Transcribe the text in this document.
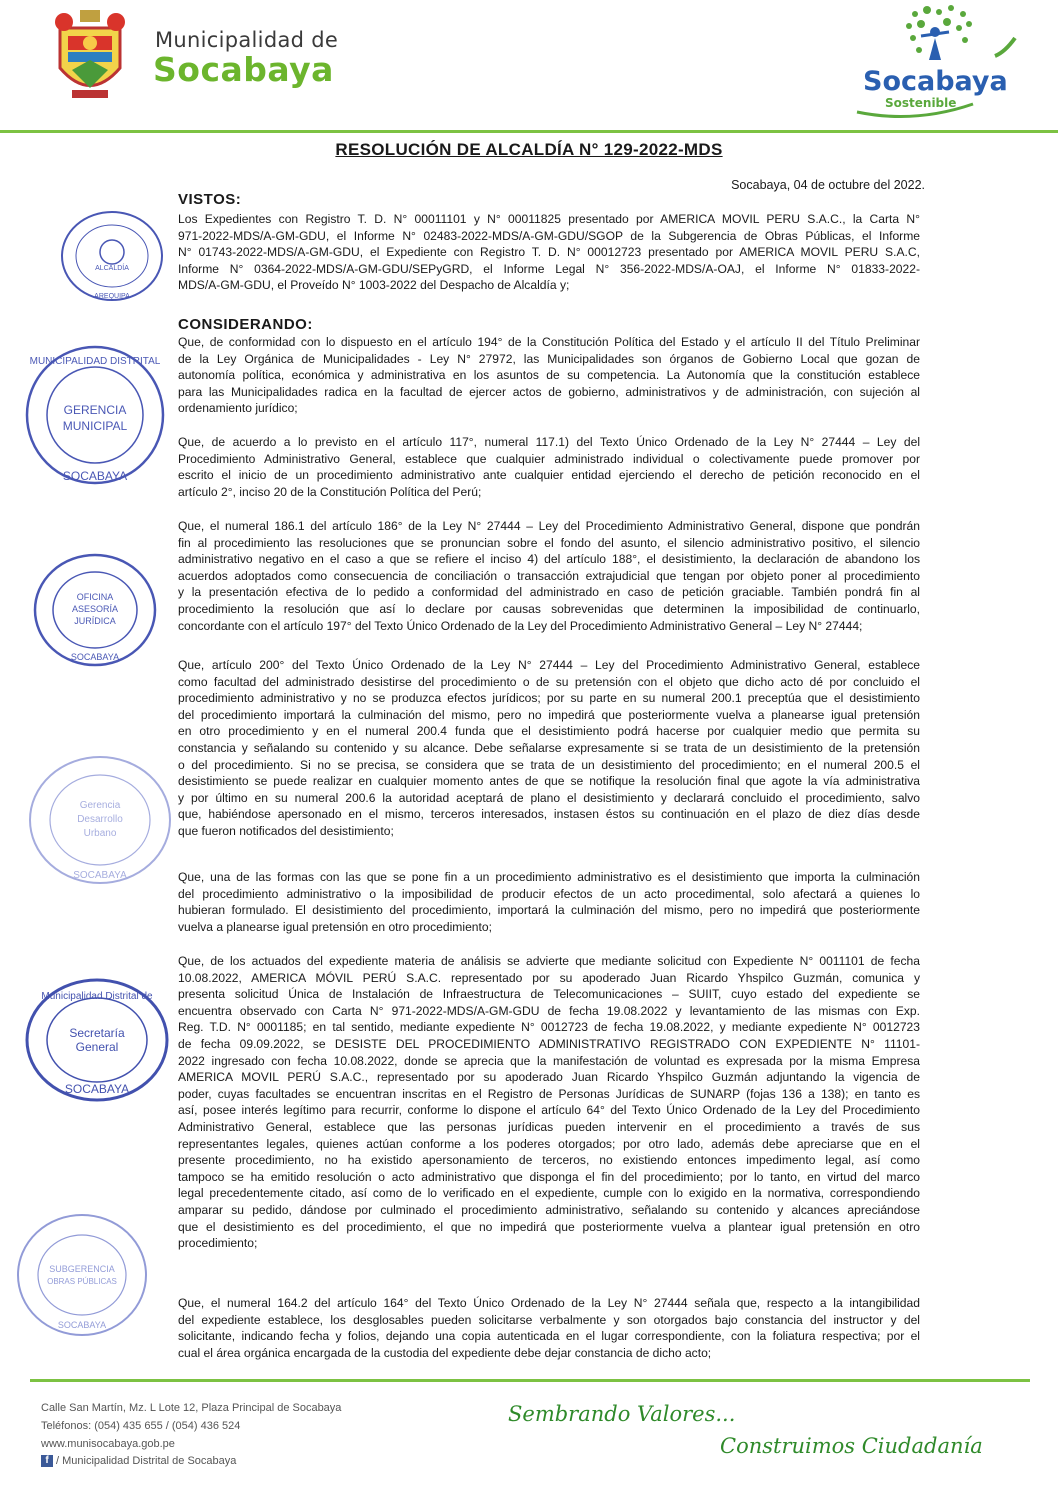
Municipalidad de
Socabaya	Socabaya
Sostenible
RESOLUCIÓN DE ALCALDÍA N° 129-2022-MDS
Socabaya, 04 de octubre del 2022.
VISTOS:
Los Expedientes con Registro T. D. N° 00011101 y N° 00011825 presentado por AMERICA MOVIL PERU S.A.C., la Carta N°
971-2022-MDS/A-GM-GDU, el Informe N° 02483-2022-MDS/A-GM-GDU/SGOP de la Subgerencia de Obras Públicas, el Informe
N° 01743-2022-MDS/A-GM-GDU, el Expediente con Registro T. D. N° 00012723 presentado por AMERICA MOVIL PERU S.A.C,
Informe N° 0364-2022-MDS/A-GM-GDU/SEPyGRD, el Informe Legal N° 356-2022-MDS/A-OAJ, el Informe N° 01833-2022-
MDS/A-GM-GDU, el Proveído N° 1003-2022 del Despacho de Alcaldía y;
CONSIDERANDO:
Que, de conformidad con lo dispuesto en el artículo 194° de la Constitución Política del Estado y el artículo II del Título Preliminar
de la Ley Orgánica de Municipalidades - Ley N° 27972, las Municipalidades son órganos de Gobierno Local que gozan de
autonomía política, económica y administrativa en los asuntos de su competencia. La Autonomía que la constitución establece
para las Municipalidades radica en la facultad de ejercer actos de gobierno, administrativos y de administración, con sujeción al
ordenamiento jurídico;
Que, de acuerdo a lo previsto en el artículo 117°, numeral 117.1) del Texto Único Ordenado de la Ley N° 27444 – Ley del
Procedimiento Administrativo General, establece que cualquier administrado individual o colectivamente puede promover por
escrito el inicio de un procedimiento administrativo ante cualquier entidad ejerciendo el derecho de petición reconocido en el
artículo 2°, inciso 20 de la Constitución Política del Perú;
Que, el numeral 186.1 del artículo 186° de la Ley N° 27444 – Ley del Procedimiento Administrativo General, dispone que pondrán
fin al procedimiento las resoluciones que se pronuncian sobre el fondo del asunto, el silencio administrativo positivo, el silencio
administrativo negativo en el caso a que se refiere el inciso 4) del artículo 188°, el desistimiento, la declaración de abandono los
acuerdos adoptados como consecuencia de conciliación o transacción extrajudicial que tengan por objeto poner al procedimiento
y la presentación efectiva de lo pedido a conformidad del administrado en caso de petición graciable. También pondrá fin al
procedimiento la resolución que así lo declare por causas sobrevenidas que determinen la imposibilidad de continuarlo,
concordante con el artículo 197° del Texto Único Ordenado de la Ley del Procedimiento Administrativo General – Ley N° 27444;
Que, artículo 200° del Texto Único Ordenado de la Ley N° 27444 – Ley del Procedimiento Administrativo General, establece
como facultad del administrado desistirse del procedimiento o de su pretensión con el objeto que dicho acto dé por concluido el
procedimiento administrativo y no se produzca efectos jurídicos; por su parte en su numeral 200.1 preceptúa que el desistimiento
del procedimiento importará la culminación del mismo, pero no impedirá que posteriormente vuelva a planearse igual pretensión
en otro procedimiento y en el numeral 200.4 funda que el desistimiento podrá hacerse por cualquier medio que permita su
constancia y señalando su contenido y su alcance. Debe señalarse expresamente si se trata de un desistimiento de la pretensión
o del procedimiento. Si no se precisa, se considera que se trata de un desistimiento del procedimiento; en el numeral 200.5 el
desistimiento se puede realizar en cualquier momento antes de que se notifique la resolución final que agote la vía administrativa
y por último en su numeral 200.6 la autoridad aceptará de plano el desistimiento y declarará concluido el procedimiento, salvo
que, habiéndose apersonado en el mismo, terceros interesados, instasen éstos su continuación en el plazo de diez días desde
que fueron notificados del desistimiento;
Que, una de las formas con las que se pone fin a un procedimiento administrativo es el desistimiento que importa la culminación
del procedimiento administrativo o la imposibilidad de producir efectos de un acto procedimental, solo afectará a quienes lo
hubieran formulado. El desistimiento del procedimiento, importará la culminación del mismo, pero no impedirá que posteriormente
vuelva a planearse igual pretensión en otro procedimiento;
Que, de los actuados del expediente materia de análisis se advierte que mediante solicitud con Expediente N° 0011101 de fecha
10.08.2022, AMERICA MÓVIL PERÚ S.A.C. representado por su apoderado Juan Ricardo Yhspilco Guzmán, comunica y
presenta solicitud Única de Instalación de Infraestructura de Telecomunicaciones – SUIIT, cuyo estado del expediente se
encuentra observado con Carta N° 971-2022-MDS/A-GM-GDU de fecha 19.08.2022 y levantamiento de las mismas con Exp.
Reg. T.D. N° 0001185; en tal sentido, mediante expediente N° 0012723 de fecha 19.08.2022, y mediante expediente N° 0012723
de fecha 09.09.2022, se DESISTE DEL PROCEDIMIENTO ADMINISTRATIVO REGISTRADO CON EXPEDIENTE N° 11101-
2022 ingresado con fecha 10.08.2022, donde se aprecia que la manifestación de voluntad es expresada por la misma Empresa
AMERICA MOVIL PERÚ S.A.C., representado por su apoderado Juan Ricardo Yhspilco Guzmán adjuntando la vigencia de
poder, cuyas facultades se encuentran inscritas en el Registro de Personas Jurídicas de SUNARP (fojas 136 a 138); en tanto es
así, posee interés legítimo para recurrir, conforme lo dispone el artículo 64° del Texto Único Ordenado de la Ley del Procedimiento
Administrativo General, establece que las personas jurídicas pueden intervenir en el procedimiento a través de sus
representantes legales, quienes actúan conforme a los poderes otorgados; por otro lado, además debe apreciarse que en el
presente procedimiento, no ha existido apersonamiento de terceros, no existiendo entonces impedimento legal, así como
tampoco se ha emitido resolución o acto administrativo que disponga el fin del procedimiento; por lo tanto, en virtud del marco
legal precedentemente citado, así como de lo verificado en el expediente, cumple con lo exigido en la normativa, correspondiendo
amparar su pedido, dándose por culminado el procedimiento administrativo, señalando su contenido y alcances apreciándose
que el desistimiento es del procedimiento, el que no impedirá que posteriormente vuelva a plantear igual pretensión en otro
procedimiento;
Que, el numeral 164.2 del artículo 164° del Texto Único Ordenado de la Ley N° 27444 señala que, respecto a la intangibilidad
del expediente establece, los desglosables pueden solicitarse verbalmente y son otorgados bajo constancia del instructor y del
solicitante, indicando fecha y folios, dejando una copia autenticada en el lugar correspondiente, con la foliatura respectiva; por el
cual el área orgánica encargada de la custodia del expediente debe dejar constancia de dicho acto;
ALCALDÍA
AREQUIPA
GERENCIA
MUNICIPAL
SOCABAYA
MUNICIPALIDAD DISTRITAL
OFICINA
ASESORÍA
JURÍDICA
SOCABAYA
Gerencia
Desarrollo
Urbano
SOCABAYA
Secretaría
General
SOCABAYA
Municipalidad Distrital de
SUBGERENCIA
OBRAS PÚBLICAS
SOCABAYA
Calle San Martín, Mz. L Lote 12, Plaza Principal de Socabaya
Teléfonos: (054) 435 655 / (054) 436 524
www.munisocabaya.gob.pe
f / Municipalidad Distrital de Socabaya
Sembrando Valores...
Construimos Ciudadanía
